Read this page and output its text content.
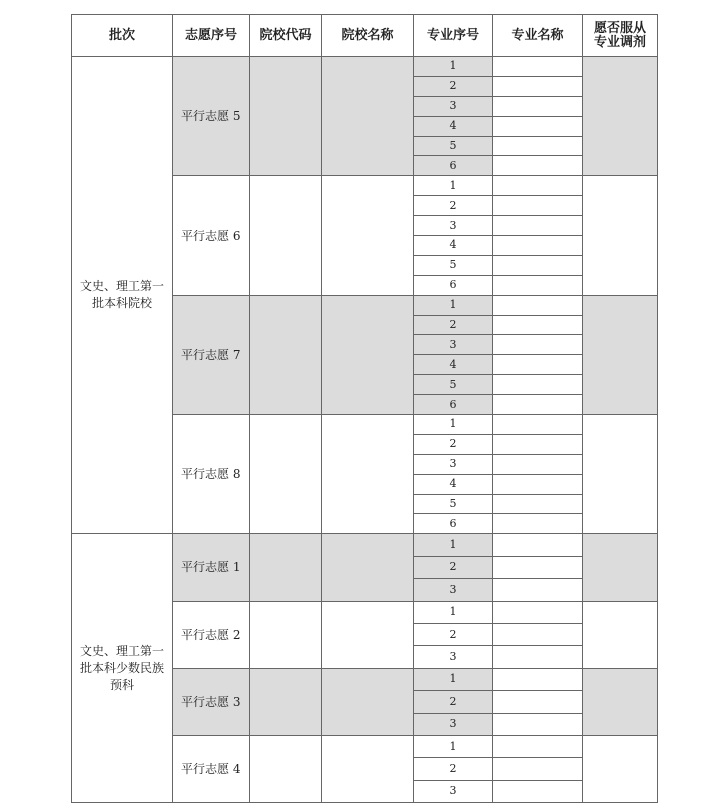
批次	志愿序号	院校代码	院校名称	专业序号	专业名称	愿否服从
专业调剂

文史、理工第一批本科院校	平行志愿 5			1		
				2		
				3		
				4		
				5		
				6		
	平行志愿 6			1		
				2		
				3		
				4		
				5		
				6		
	平行志愿 7			1		
				2		
				3		
				4		
				5		
				6		
	平行志愿 8			1		
				2		
				3		
				4		
				5		
				6		
文史、理工第一批本科少数民族预科	平行志愿 1			1		
				2		
				3		
	平行志愿 2			1		
				2		
				3		
	平行志愿 3			1		
				2		
				3		
	平行志愿 4			1		
				2		
				3		
